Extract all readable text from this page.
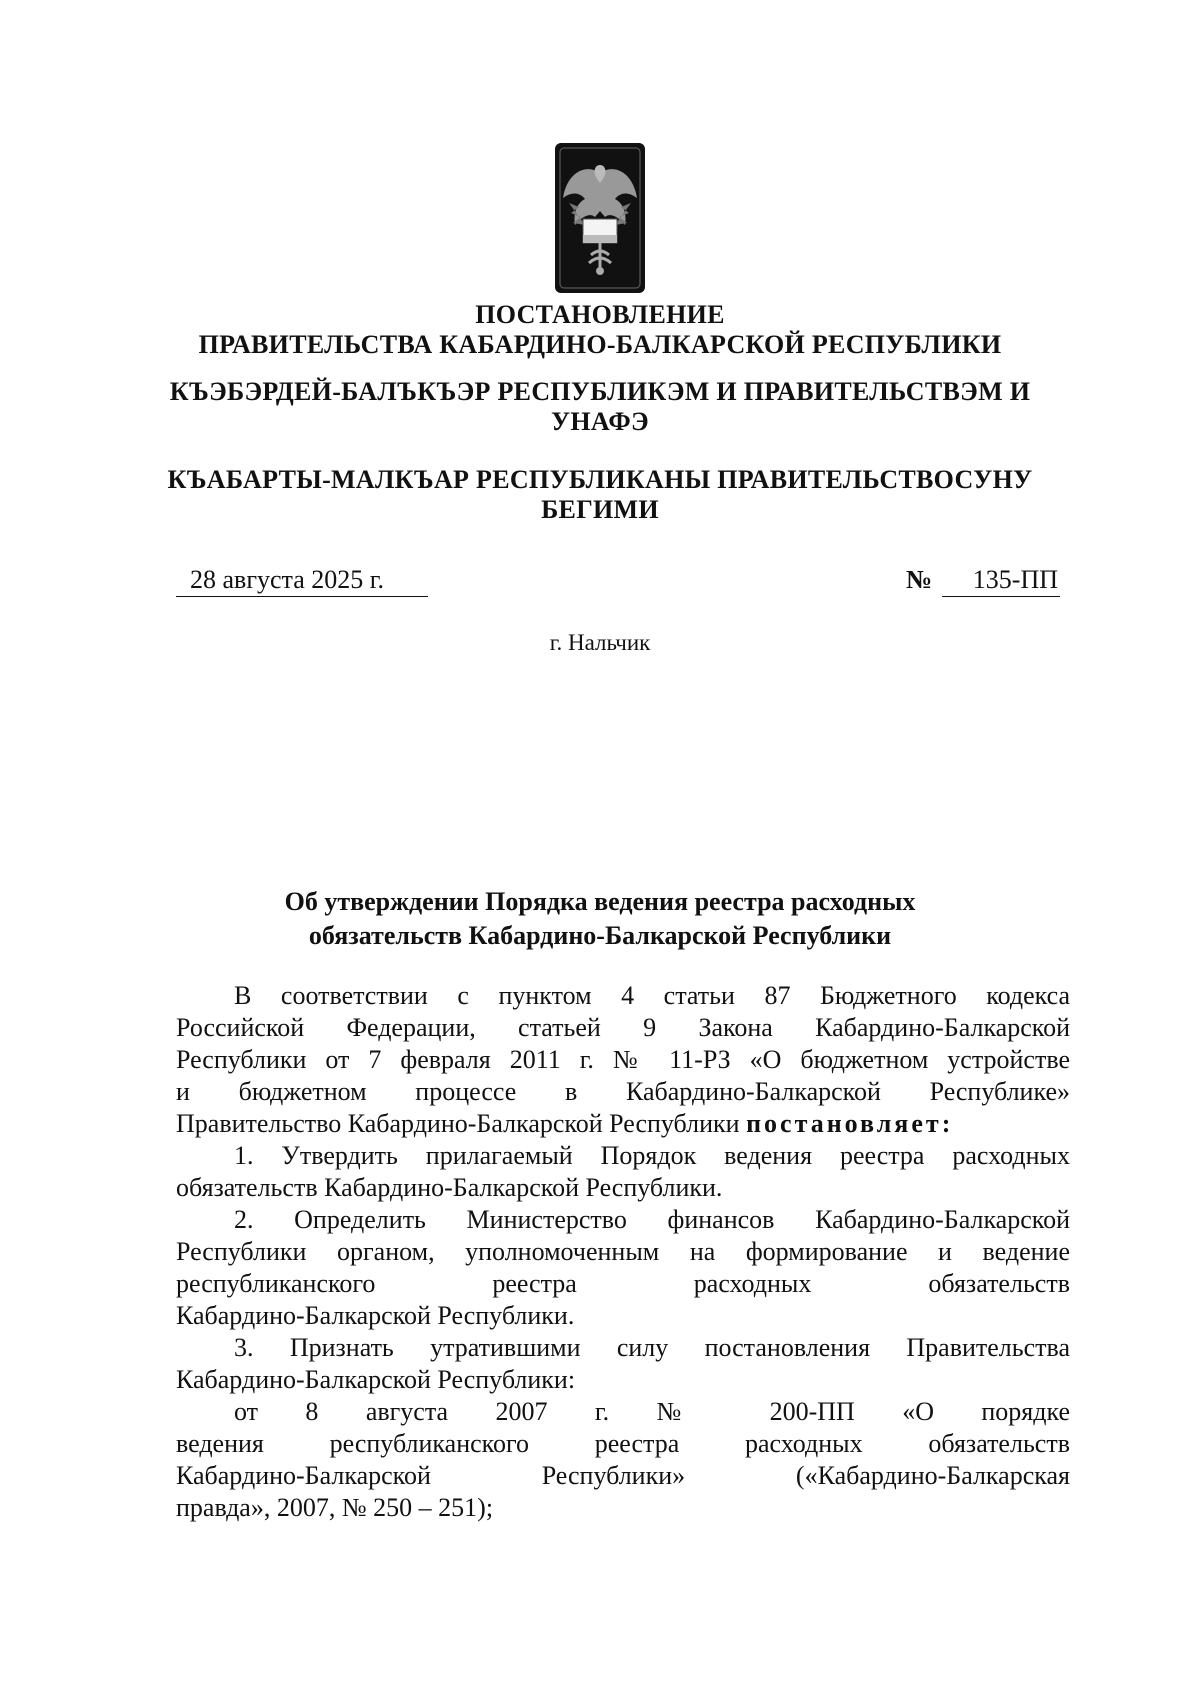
ПОСТАНОВЛЕНИЕ
ПРАВИТЕЛЬСТВА КАБАРДИНО-БАЛКАРСКОЙ РЕСПУБЛИКИ
КЪЭБЭРДЕЙ-БАЛЪКЪЭР РЕСПУБЛИКЭМ И ПРАВИТЕЛЬСТВЭМ И
УНАФЭ
КЪАБАРТЫ-МАЛКЪАР РЕСПУБЛИКАНЫ ПРАВИТЕЛЬСТВОСУНУ
БЕГИМИ
28 августа 2025 г.	№	135-ПП
г. Нальчик
Об утверждении Порядка ведения реестра расходных
обязательств Кабардино-Балкарской Республики

В соответствии с пунктом 4 статьи 87 Бюджетного кодекса
Российской Федерации, статьей 9 Закона Кабардино-Балкарской
Республики от 7 февраля 2011 г. № 11-РЗ «О бюджетном устройстве
и бюджетном процессе в Кабардино-Балкарской Республике»
Правительство Кабардино-Балкарской Республики постановляет:

1. Утвердить прилагаемый Порядок ведения реестра расходных
обязательств Кабардино-Балкарской Республики.

2. Определить Министерство финансов Кабардино-Балкарской
Республики органом, уполномоченным на формирование и ведение
республиканского реестра расходных обязательств
Кабардино-Балкарской Республики.

3. Признать утратившими силу постановления Правительства
Кабардино-Балкарской Республики:

от 8 августа 2007 г. № 200-ПП «О порядке
ведения республиканского реестра расходных обязательств
Кабардино-Балкарской Республики» («Кабардино-Балкарская
правда», 2007, № 250 – 251);
